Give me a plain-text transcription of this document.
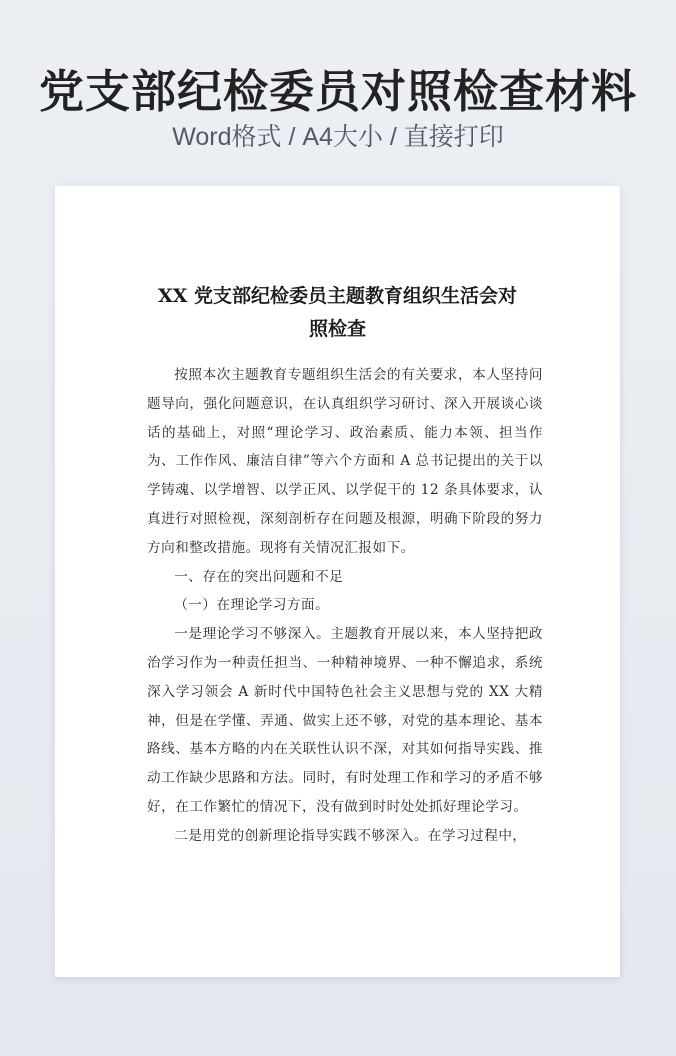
党支部纪检委员对照检查材料
Word格式 / A4大小 / 直接打印
XX 党支部纪检委员主题教育组织生活会对
照检查

按照本次主题教育专题组织生活会的有关要求，本人坚持问题导向，强化问题意识，在认真组织学习研讨、深入开展谈心谈话的基础上，对照“理论学习、政治素质、能力本领、担当作为、工作作风、廉洁自律”等六个方面和 A 总书记提出的关于以学铸魂、以学增智、以学正风、以学促干的 12 条具体要求，认真进行对照检视，深刻剖析存在问题及根源，明确下阶段的努力方向和整改措施。现将有关情况汇报如下。

一、存在的突出问题和不足

（一）在理论学习方面。

一是理论学习不够深入。主题教育开展以来，本人坚持把政治学习作为一种责任担当、一种精神境界、一种不懈追求，系统深入学习领会 A 新时代中国特色社会主义思想与党的 XX 大精神，但是在学懂、弄通、做实上还不够，对党的基本理论、基本路线、基本方略的内在关联性认识不深，对其如何指导实践、推动工作缺少思路和方法。同时，有时处理工作和学习的矛盾不够好，在工作繁忙的情况下，没有做到时时处处抓好理论学习。

二是用党的创新理论指导实践不够深入。在学习过程中，
